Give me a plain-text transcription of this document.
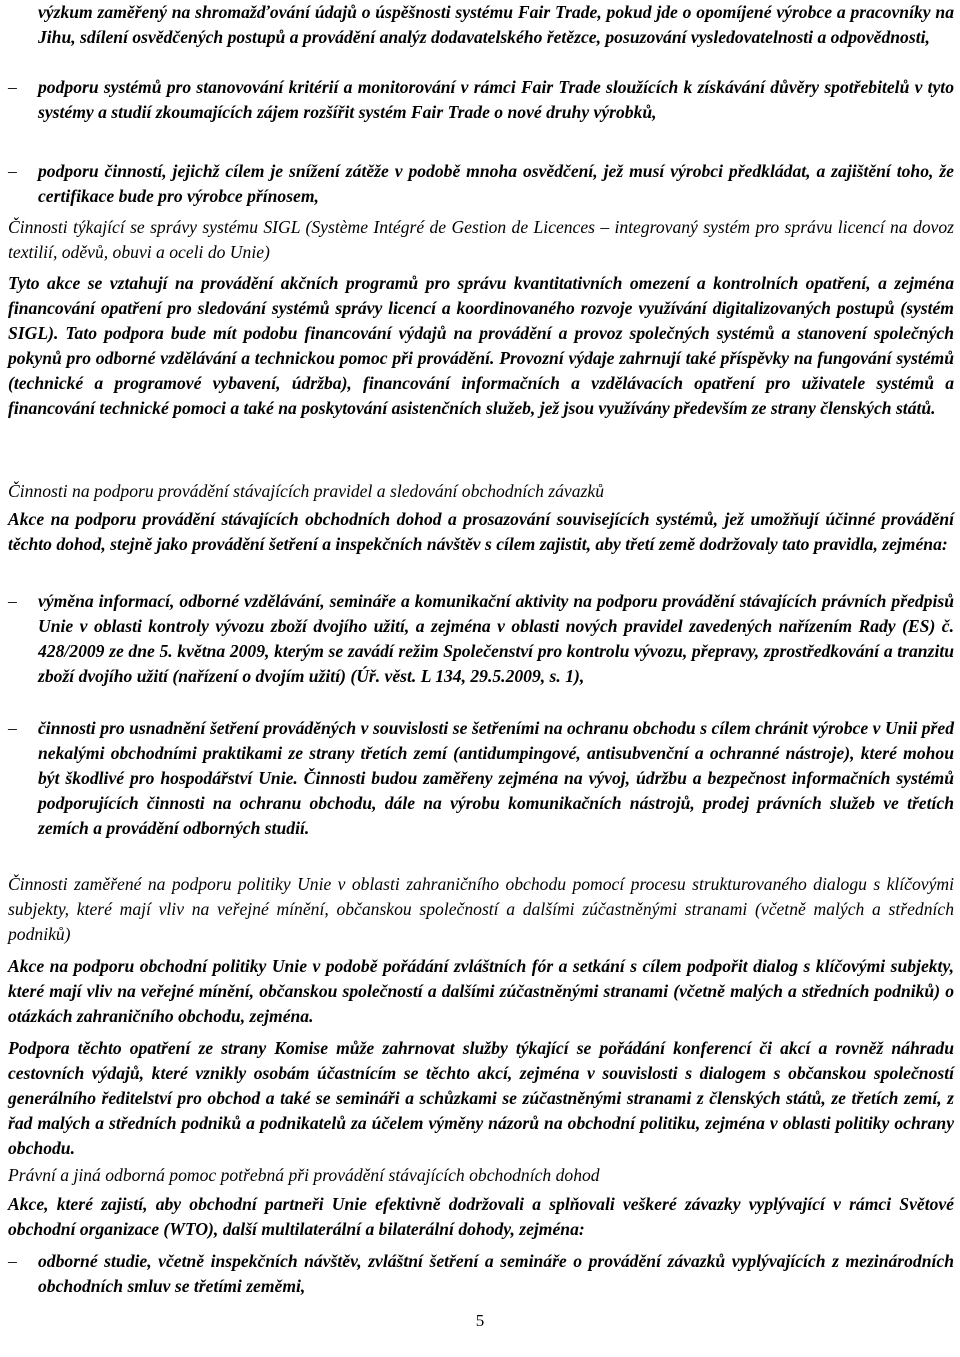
výzkum zaměřený na shromažďování údajů o úspěšnosti systému Fair Trade, pokud jde o opomíjené výrobce a pracovníky na Jihu, sdílení osvědčených postupů a provádění analýz dodavatelského řetězce, posuzování vysledovatelnosti a odpovědnosti,
– podporu systémů pro stanovování kritérií a monitorování v rámci Fair Trade sloužících k získávání důvěry spotřebitelů v tyto systémy a studií zkoumajících zájem rozšířit systém Fair Trade o nové druhy výrobků,
– podporu činností, jejichž cílem je snížení zátěže v podobě mnoha osvědčení, jež musí výrobci předkládat, a zajištění toho, že certifikace bude pro výrobce přínosem,

Činnosti týkající se správy systému SIGL (Système Intégré de Gestion de Licences – integrovaný systém pro správu licencí na dovoz textilií, oděvů, obuvi a oceli do Unie)

Tyto akce se vztahují na provádění akčních programů pro správu kvantitativních omezení a kontrolních opatření, a zejména financování opatření pro sledování systémů správy licencí a koordinovaného rozvoje využívání digitalizovaných postupů (systém SIGL). Tato podpora bude mít podobu financování výdajů na provádění a provoz společných systémů a stanovení společných pokynů pro odborné vzdělávání a technickou pomoc při provádění. Provozní výdaje zahrnují také příspěvky na fungování systémů (technické a programové vybavení, údržba), financování informačních a vzdělávacích opatření pro uživatele systémů a financování technické pomoci a také na poskytování asistenčních služeb, jež jsou využívány především ze strany členských států.

Činnosti na podporu provádění stávajících pravidel a sledování obchodních závazků

Akce na podporu provádění stávajících obchodních dohod a prosazování souvisejících systémů, jež umožňují účinné provádění těchto dohod, stejně jako provádění šetření a inspekčních návštěv s cílem zajistit, aby třetí země dodržovaly tato pravidla, zejména:

– výměna informací, odborné vzdělávání, semináře a komunikační aktivity na podporu provádění stávajících právních předpisů Unie v oblasti kontroly vývozu zboží dvojího užití, a zejména v oblasti nových pravidel zavedených nařízením Rady (ES) č. 428/2009 ze dne 5. května 2009, kterým se zavádí režim Společenství pro kontrolu vývozu, přepravy, zprostředkování a tranzitu zboží dvojího užití (nařízení o dvojím užití) (Úř. věst. L 134, 29.5.2009, s. 1),
– činnosti pro usnadnění šetření prováděných v souvislosti se šetřeními na ochranu obchodu s cílem chránit výrobce v Unii před nekalými obchodními praktikami ze strany třetích zemí (antidumpingové, antisubvenční a ochranné nástroje), které mohou být škodlivé pro hospodářství Unie. Činnosti budou zaměřeny zejména na vývoj, údržbu a bezpečnost informačních systémů podporujících činnosti na ochranu obchodu, dále na výrobu komunikačních nástrojů, prodej právních služeb ve třetích zemích a provádění odborných studií.

Činnosti zaměřené na podporu politiky Unie v oblasti zahraničního obchodu pomocí procesu strukturovaného dialogu s klíčovými subjekty, které mají vliv na veřejné mínění, občanskou společností a dalšími zúčastněnými stranami (včetně malých a středních podniků)

Akce na podporu obchodní politiky Unie v podobě pořádání zvláštních fór a setkání s cílem podpořit dialog s klíčovými subjekty, které mají vliv na veřejné mínění, občanskou společností a dalšími zúčastněnými stranami (včetně malých a středních podniků) o otázkách zahraničního obchodu, zejména.

Podpora těchto opatření ze strany Komise může zahrnovat služby týkající se pořádání konferencí či akcí a rovněž náhradu cestovních výdajů, které vznikly osobám účastnícím se těchto akcí, zejména v souvislosti s dialogem s občanskou společností generálního ředitelství pro obchod a také se semináři a schůzkami se zúčastněnými stranami z členských států, ze třetích zemí, z řad malých a středních podniků a podnikatelů za účelem výměny názorů na obchodní politiku, zejména v oblasti politiky ochrany obchodu.

Právní a jiná odborná pomoc potřebná při provádění stávajících obchodních dohod

Akce, které zajistí, aby obchodní partneři Unie efektivně dodržovali a splňovali veškeré závazky vyplývající v rámci Světové obchodní organizace (WTO), další multilaterální a bilaterální dohody, zejména:

– odborné studie, včetně inspekčních návštěv, zvláštní šetření a semináře o provádění závazků vyplývajících z mezinárodních obchodních smluv se třetími zeměmi,
5
